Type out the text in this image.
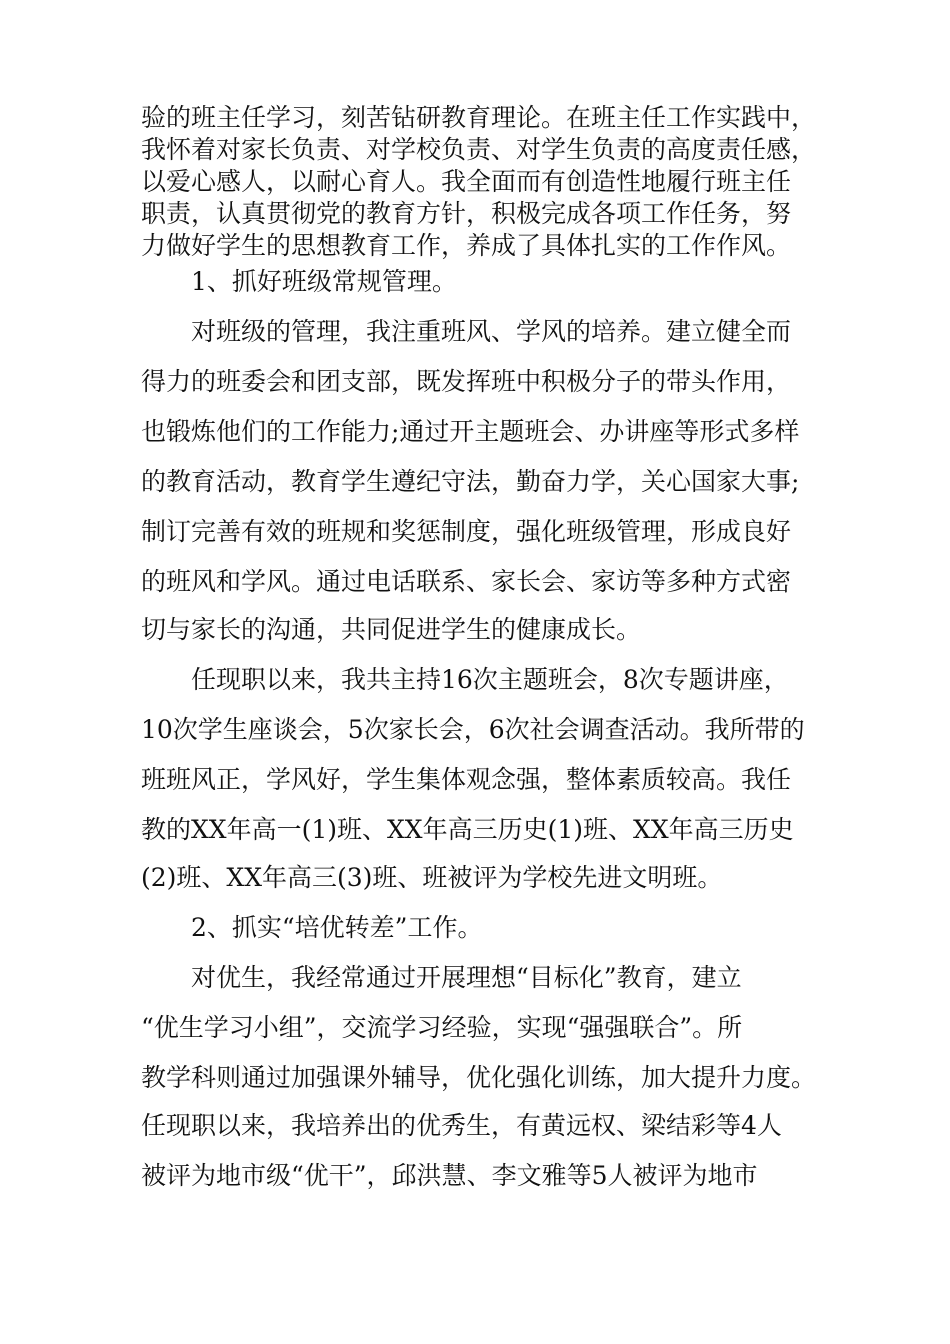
验的班主任学习，刻苦钻研教育理论。在班主任工作实践中，
我怀着对家长负责、对学校负责、对学生负责的高度责任感，
以爱心感人，以耐心育人。我全面而有创造性地履行班主任
职责，认真贯彻党的教育方针，积极完成各项工作任务，努
力做好学生的思想教育工作，养成了具体扎实的工作作风。
1、抓好班级常规管理。
对班级的管理，我注重班风、学风的培养。建立健全而
得力的班委会和团支部，既发挥班中积极分子的带头作用，
也锻炼他们的工作能力;通过开主题班会、办讲座等形式多样
的教育活动，教育学生遵纪守法，勤奋力学，关心国家大事;
制订完善有效的班规和奖惩制度，强化班级管理，形成良好
的班风和学风。通过电话联系、家长会、家访等多种方式密
切与家长的沟通，共同促进学生的健康成长。
任现职以来，我共主持16次主题班会，8次专题讲座，
10次学生座谈会，5次家长会，6次社会调查活动。我所带的
班班风正，学风好，学生集体观念强，整体素质较高。我任
教的XX年高一(1)班、XX年高三历史(1)班、XX年高三历史
(2)班、XX年高三(3)班、班被评为学校先进文明班。
2、抓实“培优转差”工作。
对优生，我经常通过开展理想“目标化”教育，建立
“优生学习小组”，交流学习经验，实现“强强联合”。所
教学科则通过加强课外辅导，优化强化训练，加大提升力度。
任现职以来，我培养出的优秀生，有黄远权、梁结彩等4人
被评为地市级“优干”，邱洪慧、李文雅等5人被评为地市
